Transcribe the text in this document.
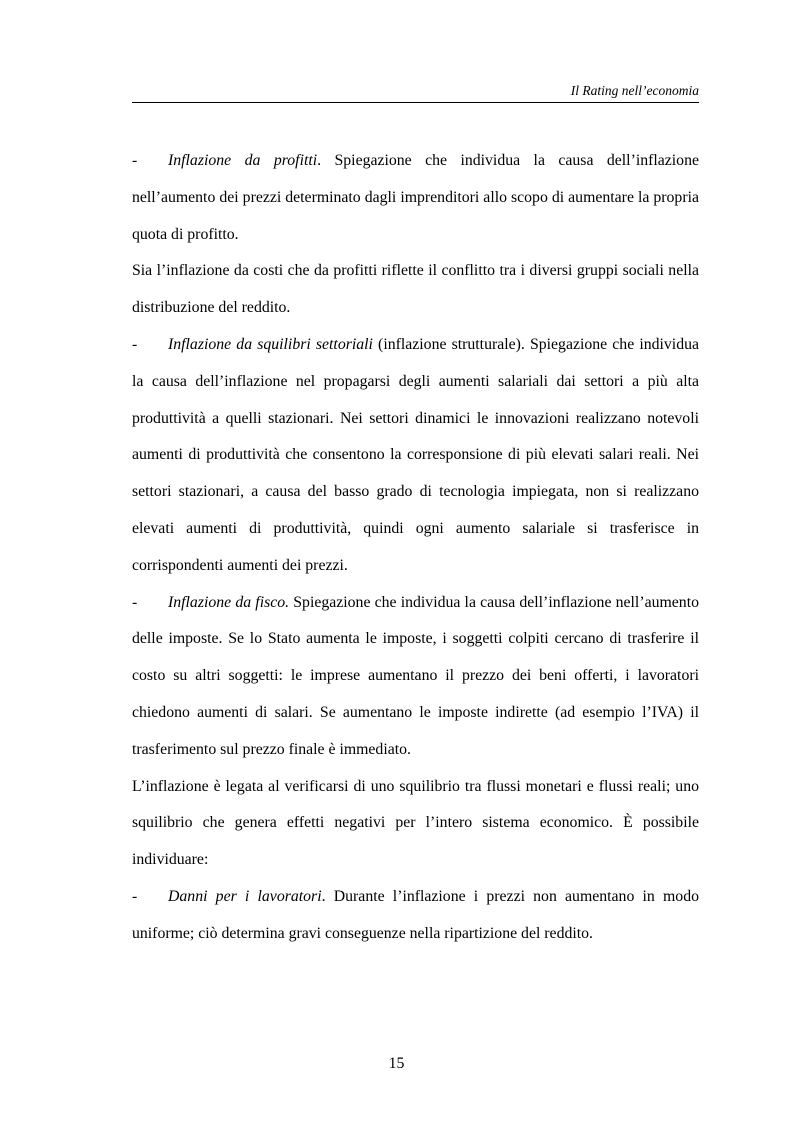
Il Rating nell’economia

- Inflazione da profitti. Spiegazione che individua la causa dell’inflazione nell’aumento dei prezzi determinato dagli imprenditori allo scopo di aumentare la propria quota di profitto.

Sia l’inflazione da costi che da profitti riflette il conflitto tra i diversi gruppi sociali nella distribuzione del reddito.

- Inflazione da squilibri settoriali (inflazione strutturale). Spiegazione che individua la causa dell’inflazione nel propagarsi degli aumenti salariali dai settori a più alta produttività a quelli stazionari. Nei settori dinamici le innovazioni realizzano notevoli aumenti di produttività che consentono la corresponsione di più elevati salari reali. Nei settori stazionari, a causa del basso grado di tecnologia impiegata, non si realizzano elevati aumenti di produttività, quindi ogni aumento salariale si trasferisce in corrispondenti aumenti dei prezzi.

- Inflazione da fisco. Spiegazione che individua la causa dell’inflazione nell’aumento delle imposte. Se lo Stato aumenta le imposte, i soggetti colpiti cercano di trasferire il costo su altri soggetti: le imprese aumentano il prezzo dei beni offerti, i lavoratori chiedono aumenti di salari. Se aumentano le imposte indirette (ad esempio l’IVA) il trasferimento sul prezzo finale è immediato.

L’inflazione è legata al verificarsi di uno squilibrio tra flussi monetari e flussi reali; uno squilibrio che genera effetti negativi per l’intero sistema economico. È possibile individuare:

- Danni per i lavoratori. Durante l’inflazione i prezzi non aumentano in modo uniforme; ciò determina gravi conseguenze nella ripartizione del reddito.

15
